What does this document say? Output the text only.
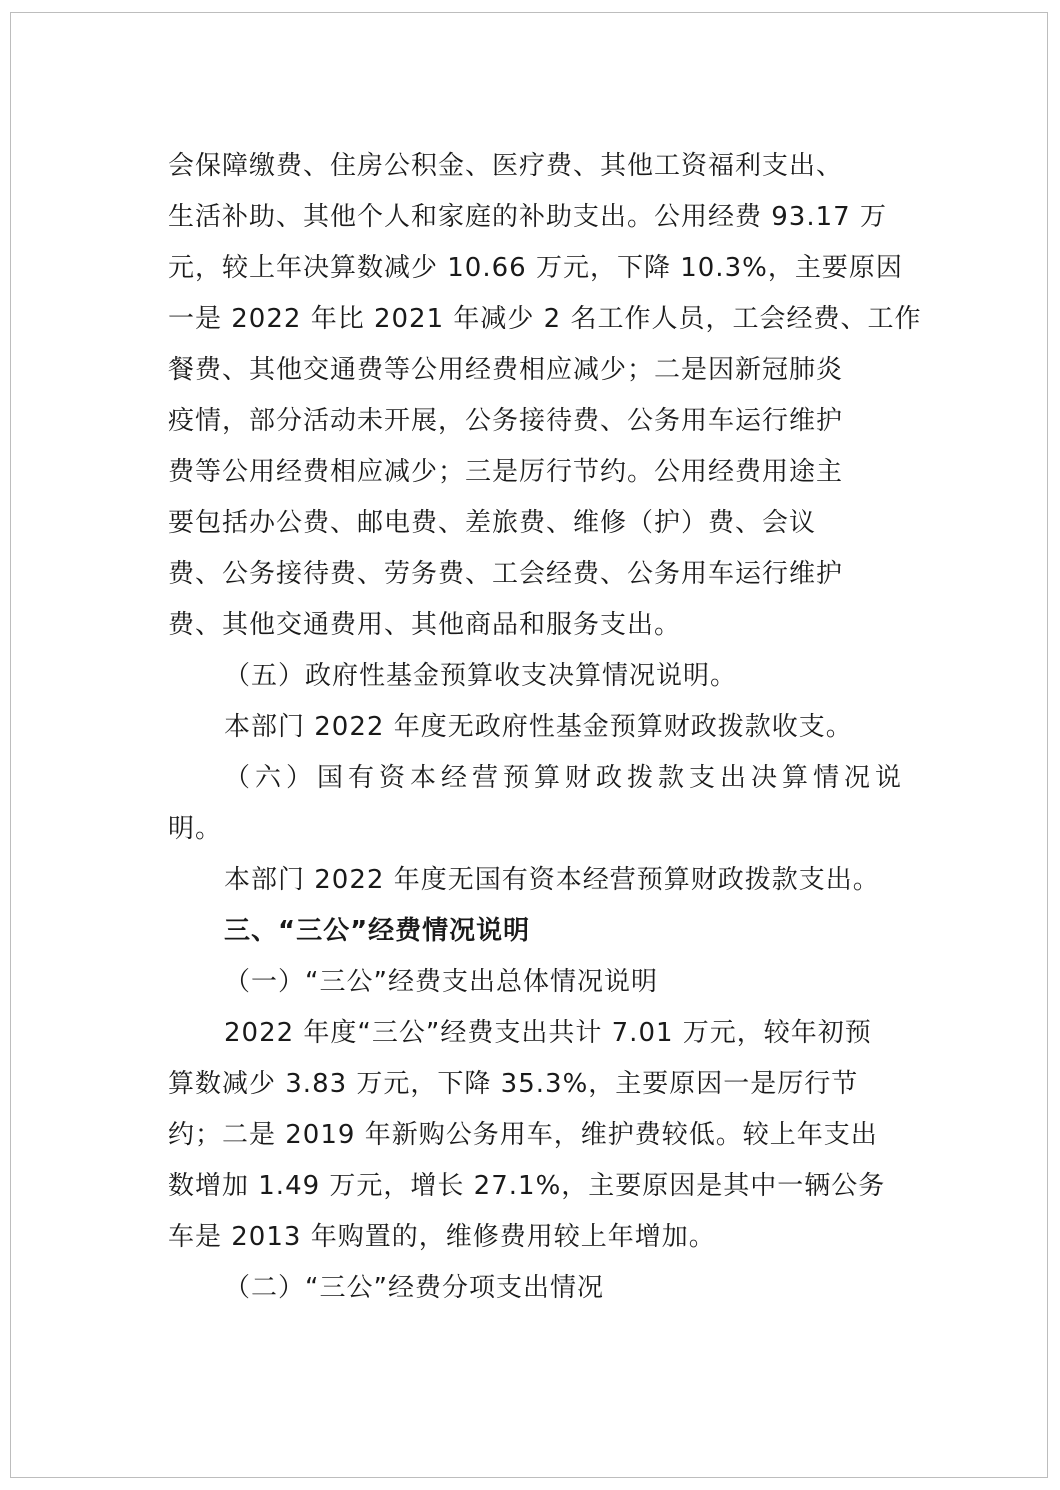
会保障缴费、住房公积金、医疗费、其他工资福利支出、
生活补助、其他个人和家庭的补助支出。公用经费 93.17 万
元，较上年决算数减少 10.66 万元，下降 10.3%，主要原因
一是 2022 年比 2021 年减少 2 名工作人员，工会经费、工作
餐费、其他交通费等公用经费相应减少；二是因新冠肺炎
疫情，部分活动未开展，公务接待费、公务用车运行维护
费等公用经费相应减少；三是厉行节约。公用经费用途主
要包括办公费、邮电费、差旅费、维修（护）费、会议
费、公务接待费、劳务费、工会经费、公务用车运行维护
费、其他交通费用、其他商品和服务支出。
（五）政府性基金预算收支决算情况说明。
本部门 2022 年度无政府性基金预算财政拨款收支。
（六）国有资本经营预算财政拨款支出决算情况说
明。
本部门 2022 年度无国有资本经营预算财政拨款支出。
三、“三公”经费情况说明
（一）“三公”经费支出总体情况说明
2022 年度“三公”经费支出共计 7.01 万元，较年初预
算数减少 3.83 万元，下降 35.3%，主要原因一是厉行节
约；二是 2019 年新购公务用车，维护费较低。较上年支出
数增加 1.49 万元，增长 27.1%，主要原因是其中一辆公务
车是 2013 年购置的，维修费用较上年增加。
（二）“三公”经费分项支出情况
